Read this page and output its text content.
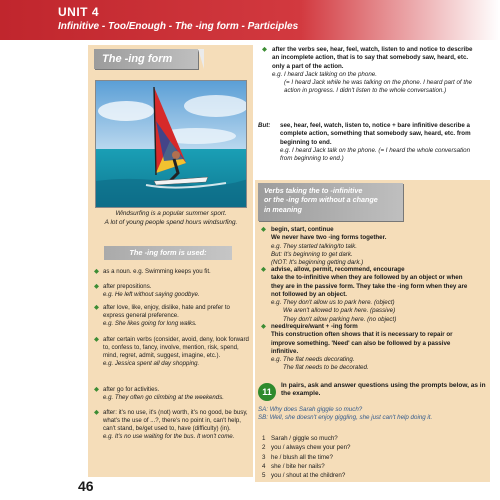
UNIT 4
Infinitive - Too/Enough - The -ing form - Participles
The -ing form
Windsurfing is a popular summer sport.
A lot of young people spend hours windsurfing.
The -ing form is used:
◆ as a noun. e.g. Swimming keeps you fit.
◆ after prepositions.
e.g. He left without saying goodbye.
◆ after love, like, enjoy, dislike, hate and prefer to express general preference.
e.g. She likes going for long walks.
◆ after certain verbs (consider, avoid, deny, look forward to, confess to, fancy, involve, mention, risk, spend, mind, regret, admit, suggest, imagine, etc.).
e.g. Jessica spent all day shopping.
◆ after go for activities.
e.g. They often go climbing at the weekends.
◆ after: it's no use, it's (not) worth, it's no good, be busy, what's the use of ...?, there's no point in, can't help, can't stand, be/get used to, have (difficulty) (in).
e.g. It's no use waiting for the bus. It won't come.
46
◆ after the verbs see, hear, feel, watch, listen to and notice to describe an incomplete action, that is to say that somebody saw, heard, etc. only a part of the action.
e.g. I heard Jack talking on the phone.
(= I heard Jack while he was talking on the phone. I heard part of the action in progress. I didn't listen to the whole conversation.)
But: see, hear, feel, watch, listen to, notice + bare infinitive describe a complete action, something that somebody saw, heard, etc. from beginning to end.
e.g. I heard Jack talk on the phone. (= I heard the whole conversation from beginning to end.)
Verbs taking the to -infinitive
or the -ing form without a change
in meaning
◆ begin, start, continue
We never have two -ing forms together.
e.g. They started talking/to talk.
But: It's beginning to get dark.
(NOT: It's beginning getting dark.)
◆ advise, allow, permit, recommend, encourage
take the to-infinitive when they are followed by an object or when they are in the passive form. They take the -ing form when they are not followed by an object.
e.g. They don't allow us to park here. (object)
We aren't allowed to park here. (passive)
They don't allow parking here. (no object)
◆ need/require/want + -ing form
This construction often shows that it is necessary to repair or improve something. 'Need' can also be followed by a passive infinitive.
e.g. The flat needs decorating.
The flat needs to be decorated.
11
In pairs, ask and answer questions using the prompts below, as in the example.
SA: Why does Sarah giggle so much?
SB: Well, she doesn't enjoy giggling, she just can't help doing it.
1 Sarah / giggle so much?
2 you / always chew your pen?
3 he / blush all the time?
4 she / bite her nails?
5 you / shout at the children?
